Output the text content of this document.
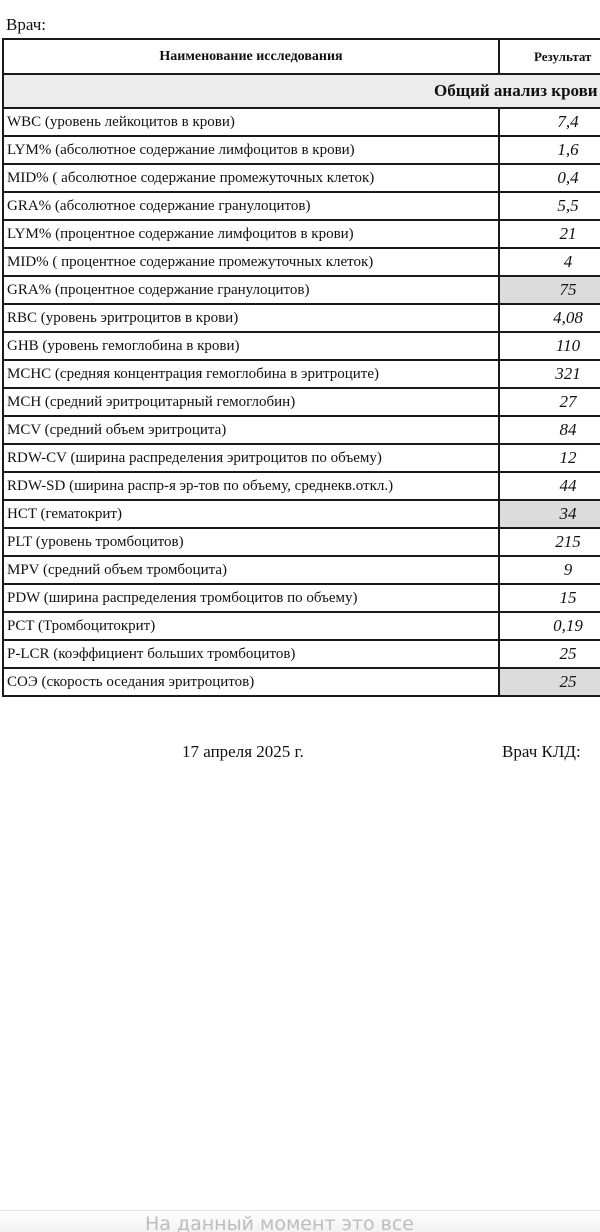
Врач:
Наименование исследования	Результат
Общий анализ крови	
WBC (уровень лейкоцитов в крови)	7,4
LYM% (абсолютное содержание лимфоцитов в крови)	1,6
MID% ( абсолютное содержание промежуточных клеток)	0,4
GRA% (абсолютное содержание гранулоцитов)	5,5
LYM% (процентное содержание лимфоцитов в крови)	21
MID% ( процентное содержание промежуточных клеток)	4
GRA% (процентное содержание гранулоцитов)	75
RBC (уровень эритроцитов в крови)	4,08
GHB (уровень гемоглобина в крови)	110
MCHC (средняя концентрация гемоглобина в эритроците)	321
MCH (средний эритроцитарный гемоглобин)	27
MCV (средний объем эритроцита)	84
RDW-CV (ширина распределения эритроцитов по объему)	12
RDW-SD (ширина распр-я эр-тов по объему, среднекв.откл.)	44
HCT (гематокрит)	34
PLT (уровень тромбоцитов)	215
MPV (средний объем тромбоцита)	9
PDW (ширина распределения тромбоцитов по объему)	15
PCT (Тромбоцитокрит)	0,19
P-LCR (коэффициент больших тромбоцитов)	25
СОЭ (скорость оседания эритроцитов)	25
17 апреля 2025 г.	Врач КЛД:
На данный момент это все
